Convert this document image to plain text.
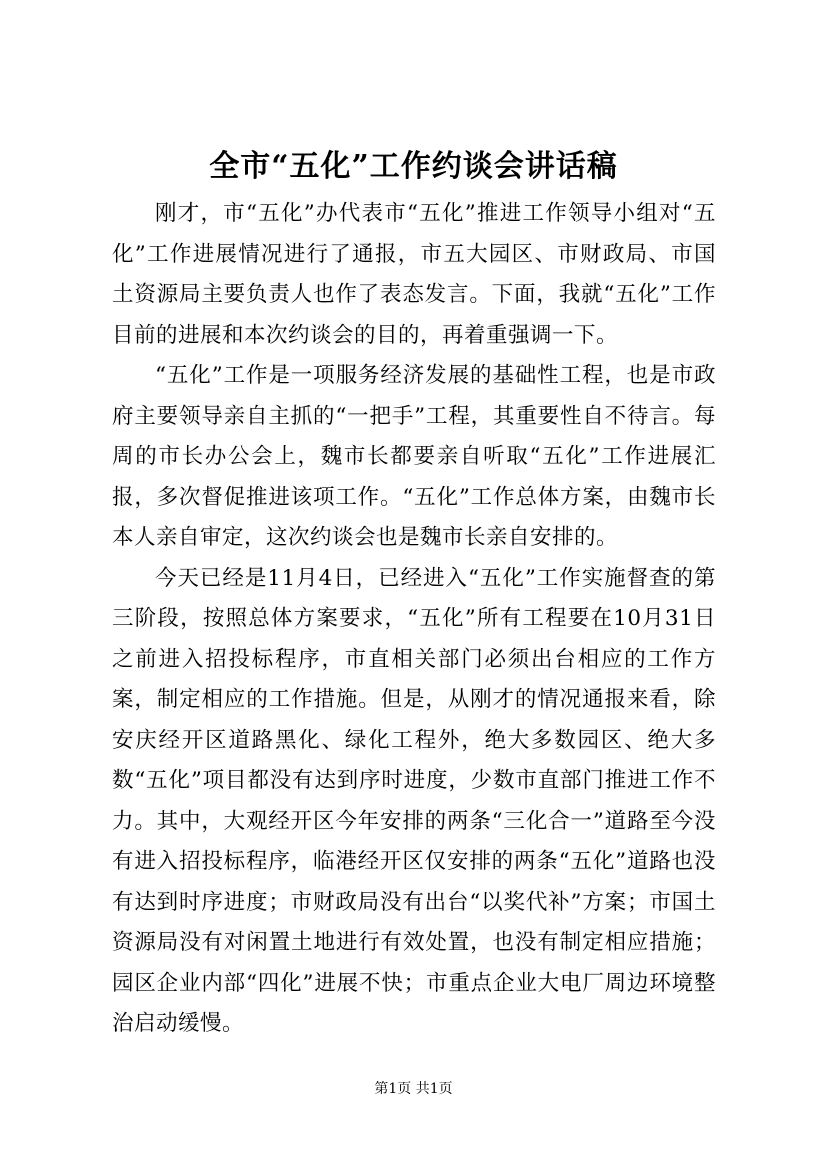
全市“五化”工作约谈会讲话稿

刚才，市“五化”办代表市“五化”推进工作领导小组对“五化”工作进展情况进行了通报，市五大园区、市财政局、市国土资源局主要负责人也作了表态发言。下面，我就“五化”工作目前的进展和本次约谈会的目的，再着重强调一下。

“五化”工作是一项服务经济发展的基础性工程，也是市政府主要领导亲自主抓的“一把手”工程，其重要性自不待言。每周的市长办公会上，魏市长都要亲自听取“五化”工作进展汇报，多次督促推进该项工作。“五化”工作总体方案，由魏市长本人亲自审定，这次约谈会也是魏市长亲自安排的。

今天已经是11月4日，已经进入“五化”工作实施督查的第三阶段，按照总体方案要求，“五化”所有工程要在10月31日之前进入招投标程序，市直相关部门必须出台相应的工作方案，制定相应的工作措施。但是，从刚才的情况通报来看，除安庆经开区道路黑化、绿化工程外，绝大多数园区、绝大多数“五化”项目都没有达到序时进度，少数市直部门推进工作不力。其中，大观经开区今年安排的两条“三化合一”道路至今没有进入招投标程序，临港经开区仅安排的两条“五化”道路也没有达到时序进度；市财政局没有出台“以奖代补”方案；市国土资源局没有对闲置土地进行有效处置，也没有制定相应措施；园区企业内部“四化”进展不快；市重点企业大电厂周边环境整治启动缓慢。

第1页 共1页
